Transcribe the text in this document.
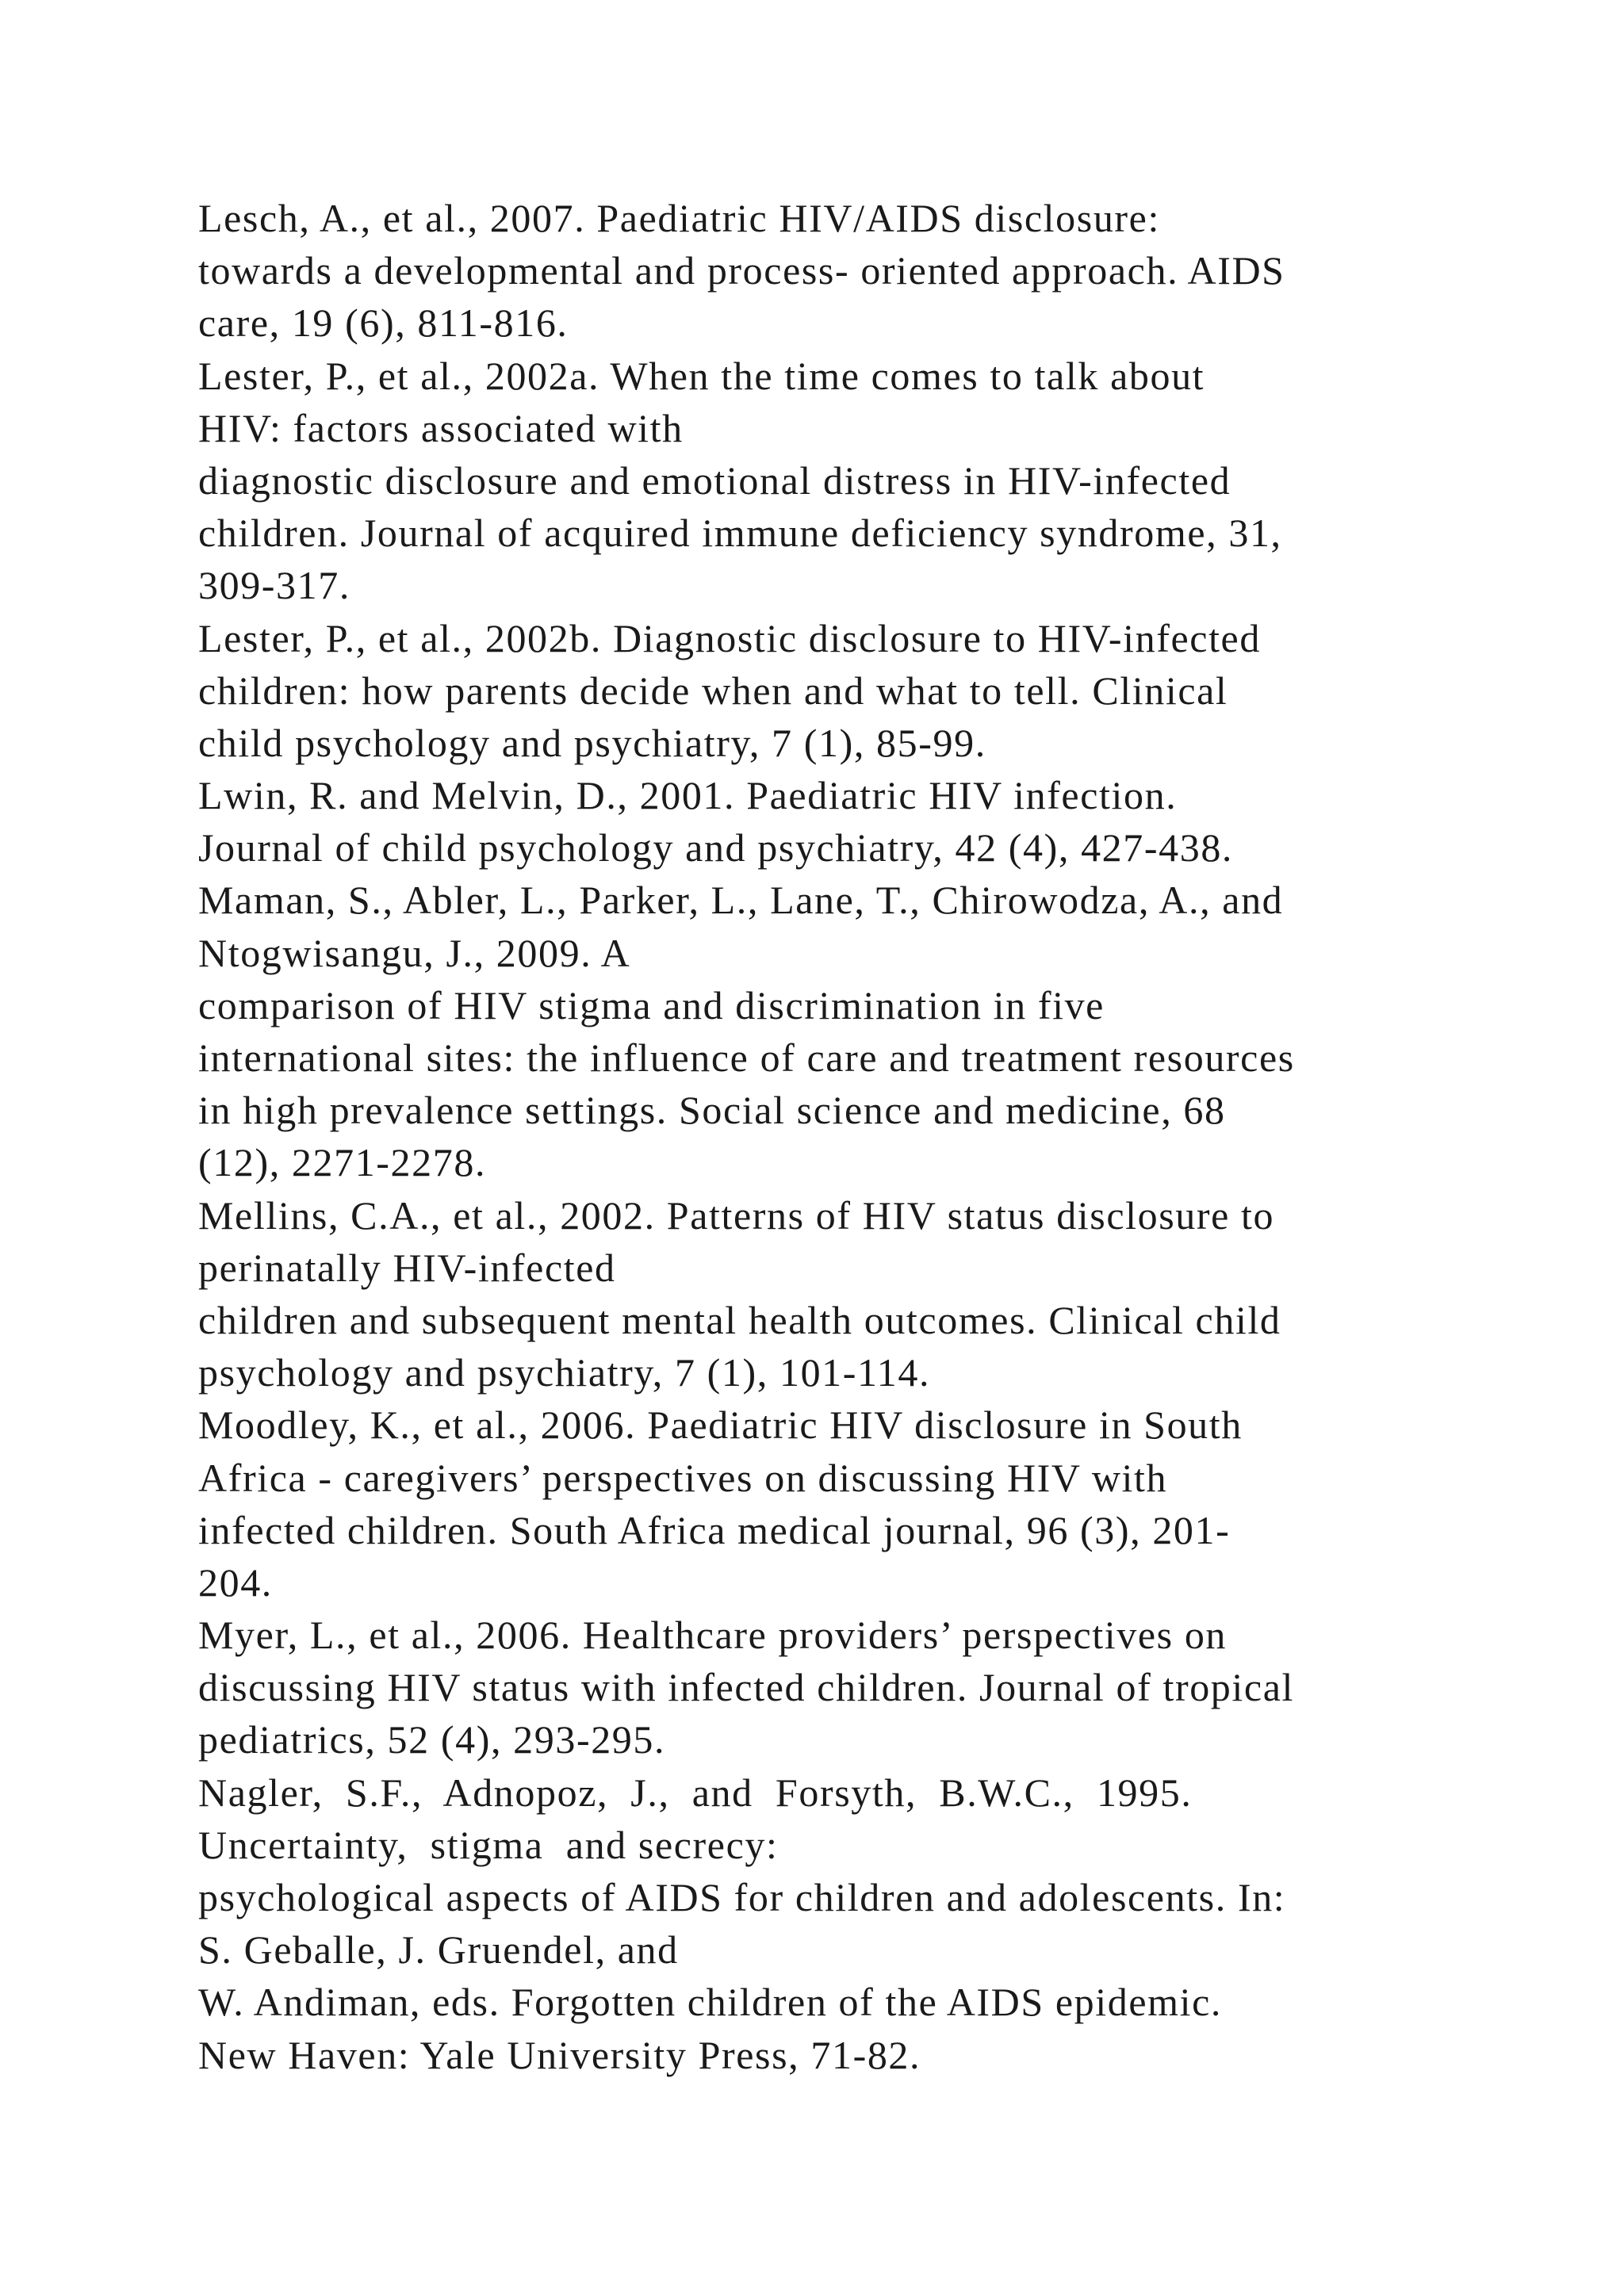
Lesch, A., et al., 2007. Paediatric HIV/AIDS disclosure:
towards a developmental and process- oriented approach. AIDS
care, 19 (6), 811-816.
Lester, P., et al., 2002a. When the time comes to talk about
HIV: factors associated with
diagnostic disclosure and emotional distress in HIV-infected
children. Journal of acquired immune deficiency syndrome, 31,
309-317.
Lester, P., et al., 2002b. Diagnostic disclosure to HIV-infected
children: how parents decide when and what to tell. Clinical
child psychology and psychiatry, 7 (1), 85-99.
Lwin, R. and Melvin, D., 2001. Paediatric HIV infection.
Journal of child psychology and psychiatry, 42 (4), 427-438.
Maman, S., Abler, L., Parker, L., Lane, T., Chirowodza, A., and
Ntogwisangu, J., 2009. A
comparison of HIV stigma and discrimination in five
international sites: the influence of care and treatment resources
in high prevalence settings. Social science and medicine, 68
(12), 2271-2278.
Mellins, C.A., et al., 2002. Patterns of HIV status disclosure to
perinatally HIV-infected
children and subsequent mental health outcomes. Clinical child
psychology and psychiatry, 7 (1), 101-114.
Moodley, K., et al., 2006. Paediatric HIV disclosure in South
Africa - caregivers’ perspectives on discussing HIV with
infected children. South Africa medical journal, 96 (3), 201-
204.
Myer, L., et al., 2006. Healthcare providers’ perspectives on
discussing HIV status with infected children. Journal of tropical
pediatrics, 52 (4), 293-295.
Nagler,  S.F.,  Adnopoz,  J.,  and  Forsyth,  B.W.C.,  1995.
Uncertainty,  stigma  and secrecy:
psychological aspects of AIDS for children and adolescents. In:
S. Geballe, J. Gruendel, and
W. Andiman, eds. Forgotten children of the AIDS epidemic.
New Haven: Yale University Press, 71-82.
